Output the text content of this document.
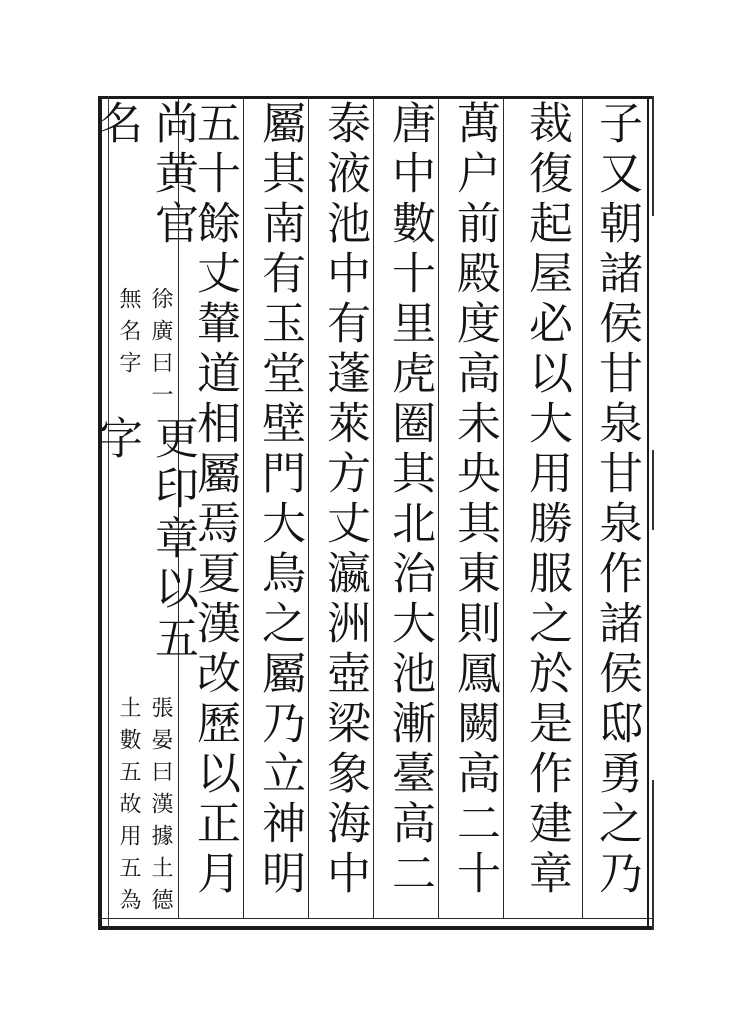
子又朝諸侯甘泉甘泉作諸侯邸勇之乃
裁復起屋必以大用勝服之於是作建章
萬户前殿度高未央其東則鳳闕高二十
唐中數十里虎圈其北治大池漸臺高二
泰液池中有蓬萊方丈瀛洲壺梁象海中
屬其南有玉堂壁門大鳥之屬乃立神明
五十餘丈輦道相屬焉夏漢改歷以正月
尚黄官名
徐廣曰一
無名字
更印章以五字
張晏曰漢據土德
土數五故用五為
